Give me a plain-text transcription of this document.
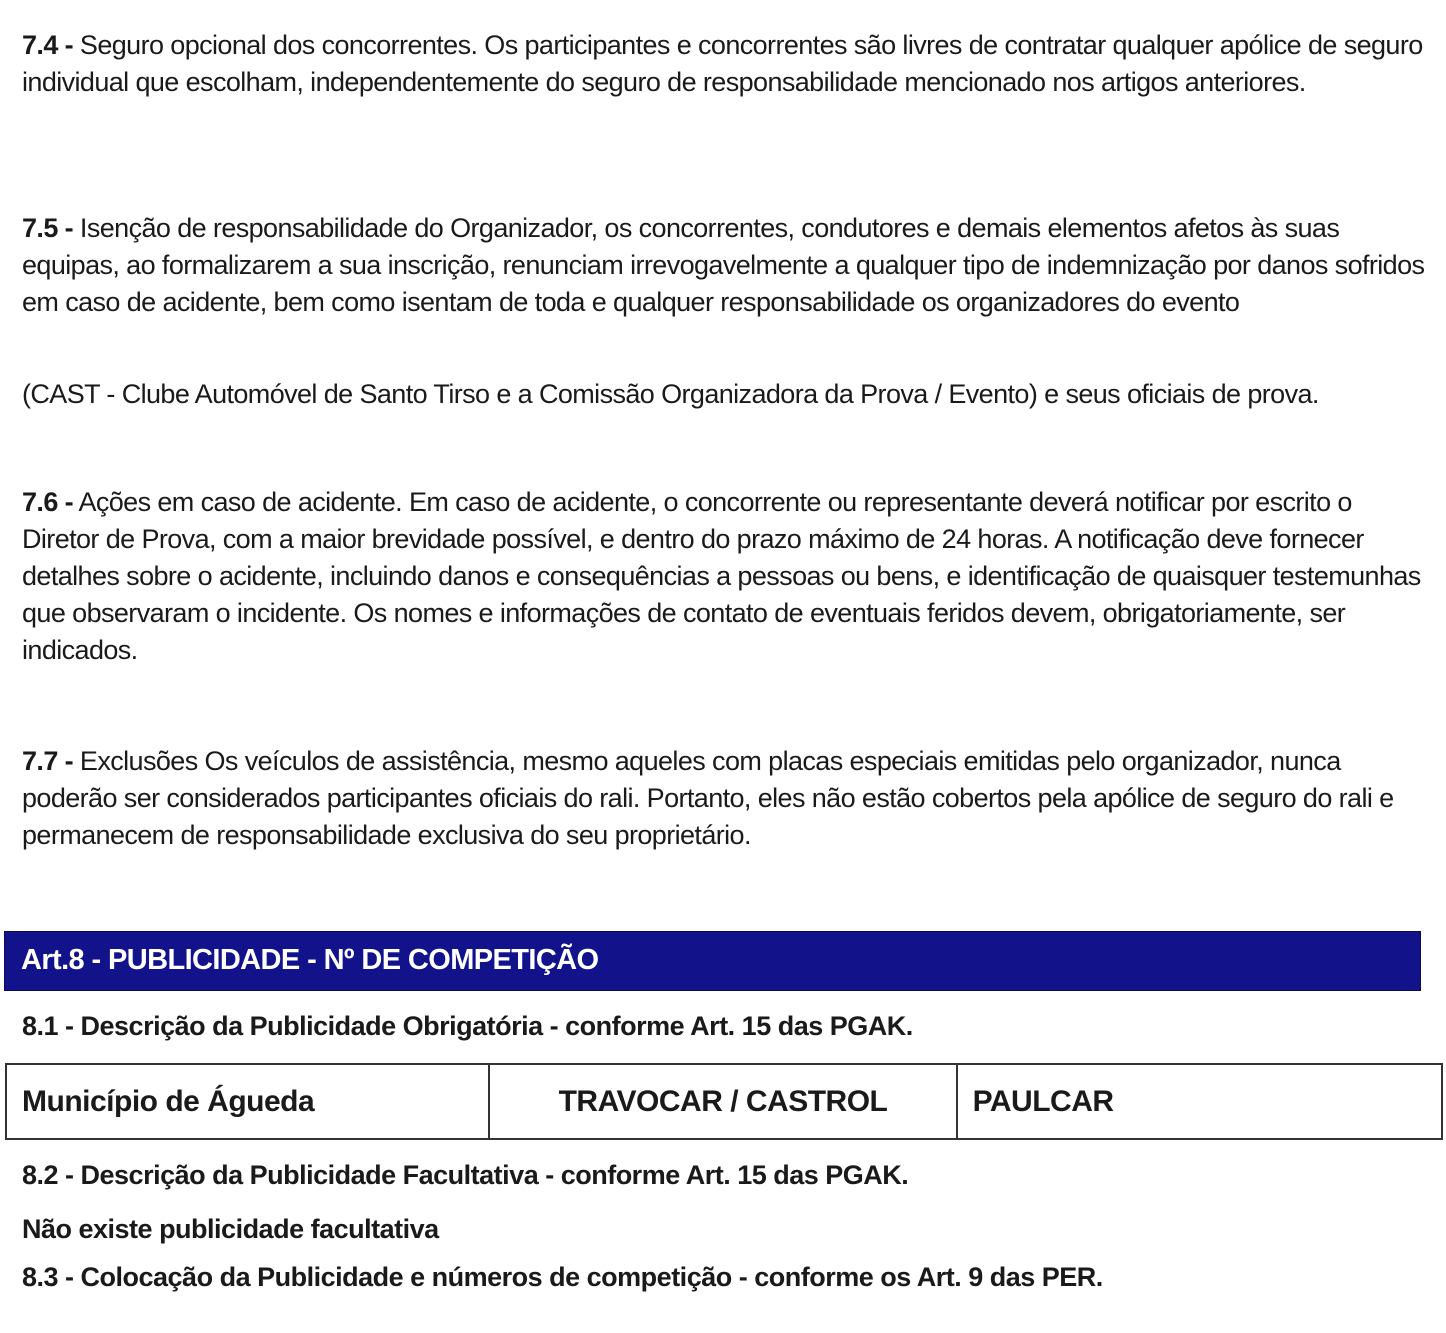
7.4 - Seguro opcional dos concorrentes. Os participantes e concorrentes são livres de contratar qualquer apólice de seguro individual que escolham, independentemente do seguro de responsabilidade mencionado nos artigos anteriores.

7.5 - Isenção de responsabilidade do Organizador, os concorrentes, condutores e demais elementos afetos às suas equipas, ao formalizarem a sua inscrição, renunciam irrevogavelmente a qualquer tipo de indemnização por danos sofridos em caso de acidente, bem como isentam de toda e qualquer responsabilidade os organizadores do evento

(CAST - Clube Automóvel de Santo Tirso e a Comissão Organizadora da Prova / Evento) e seus oficiais de prova.

7.6 - Ações em caso de acidente. Em caso de acidente, o concorrente ou representante deverá notificar por escrito o Diretor de Prova, com a maior brevidade possível, e dentro do prazo máximo de 24 horas. A notificação deve fornecer detalhes sobre o acidente, incluindo danos e consequências a pessoas ou bens, e identificação de quaisquer testemunhas que observaram o incidente. Os nomes e informações de contato de eventuais feridos devem, obrigatoriamente, ser indicados.

7.7 - Exclusões Os veículos de assistência, mesmo aqueles com placas especiais emitidas pelo organizador, nunca poderão ser considerados participantes oficiais do rali. Portanto, eles não estão cobertos pela apólice de seguro do rali e permanecem de responsabilidade exclusiva do seu proprietário.

Art.8 - PUBLICIDADE - Nº DE COMPETIÇÃO

8.1 - Descrição da Publicidade Obrigatória - conforme Art. 15 das PGAK.

Município de Águeda	TRAVOCAR / CASTROL	PAULCAR

8.2 - Descrição da Publicidade Facultativa - conforme Art. 15 das PGAK.

Não existe publicidade facultativa

8.3 - Colocação da Publicidade e números de competição - conforme os Art. 9 das PER.
